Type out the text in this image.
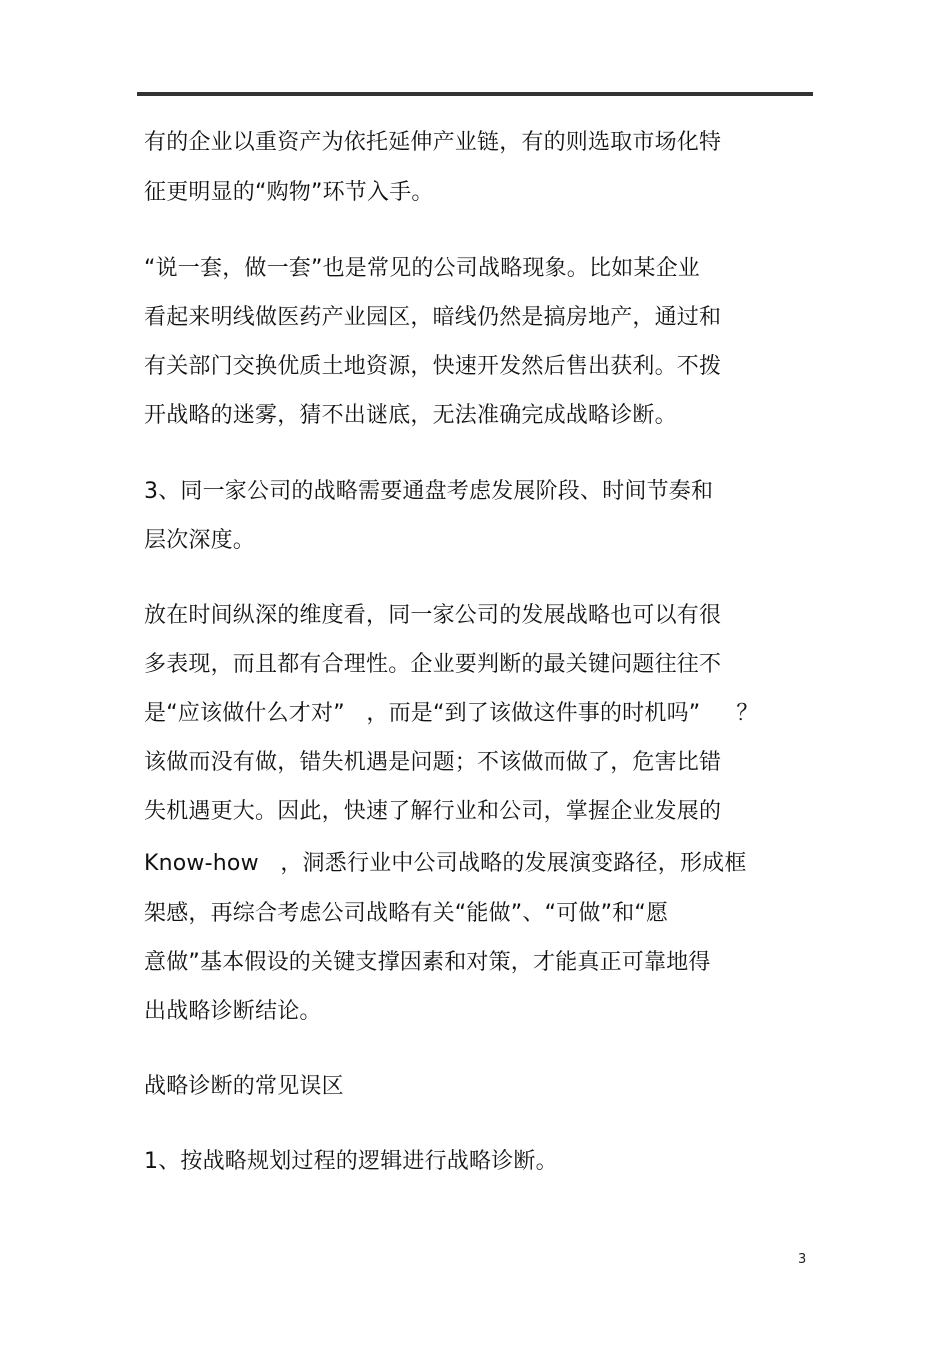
有的企业以重资产为依托延伸产业链，有的则选取市场化特
征更明显的“购物”环节入手。
“说一套，做一套”也是常见的公司战略现象。比如某企业
看起来明线做医药产业园区，暗线仍然是搞房地产，通过和
有关部门交换优质土地资源，快速开发然后售出获利。不拨
开战略的迷雾，猜不出谜底，无法准确完成战略诊断。
3、同一家公司的战略需要通盘考虑发展阶段、时间节奏和
层次深度。
放在时间纵深的维度看，同一家公司的发展战略也可以有很
多表现，而且都有合理性。企业要判断的最关键问题往往不
是“应该做什么才对”   ，而是“到了该做这件事的时机吗”     ？
该做而没有做，错失机遇是问题；不该做而做了，危害比错
失机遇更大。因此，快速了解行业和公司，掌握企业发展的
Know-how   ，洞悉行业中公司战略的发展演变路径，形成框
架感，再综合考虑公司战略有关“能做”、“可做”和“愿
意做”基本假设的关键支撑因素和对策，才能真正可靠地得
出战略诊断结论。
战略诊断的常见误区
1、按战略规划过程的逻辑进行战略诊断。
3
